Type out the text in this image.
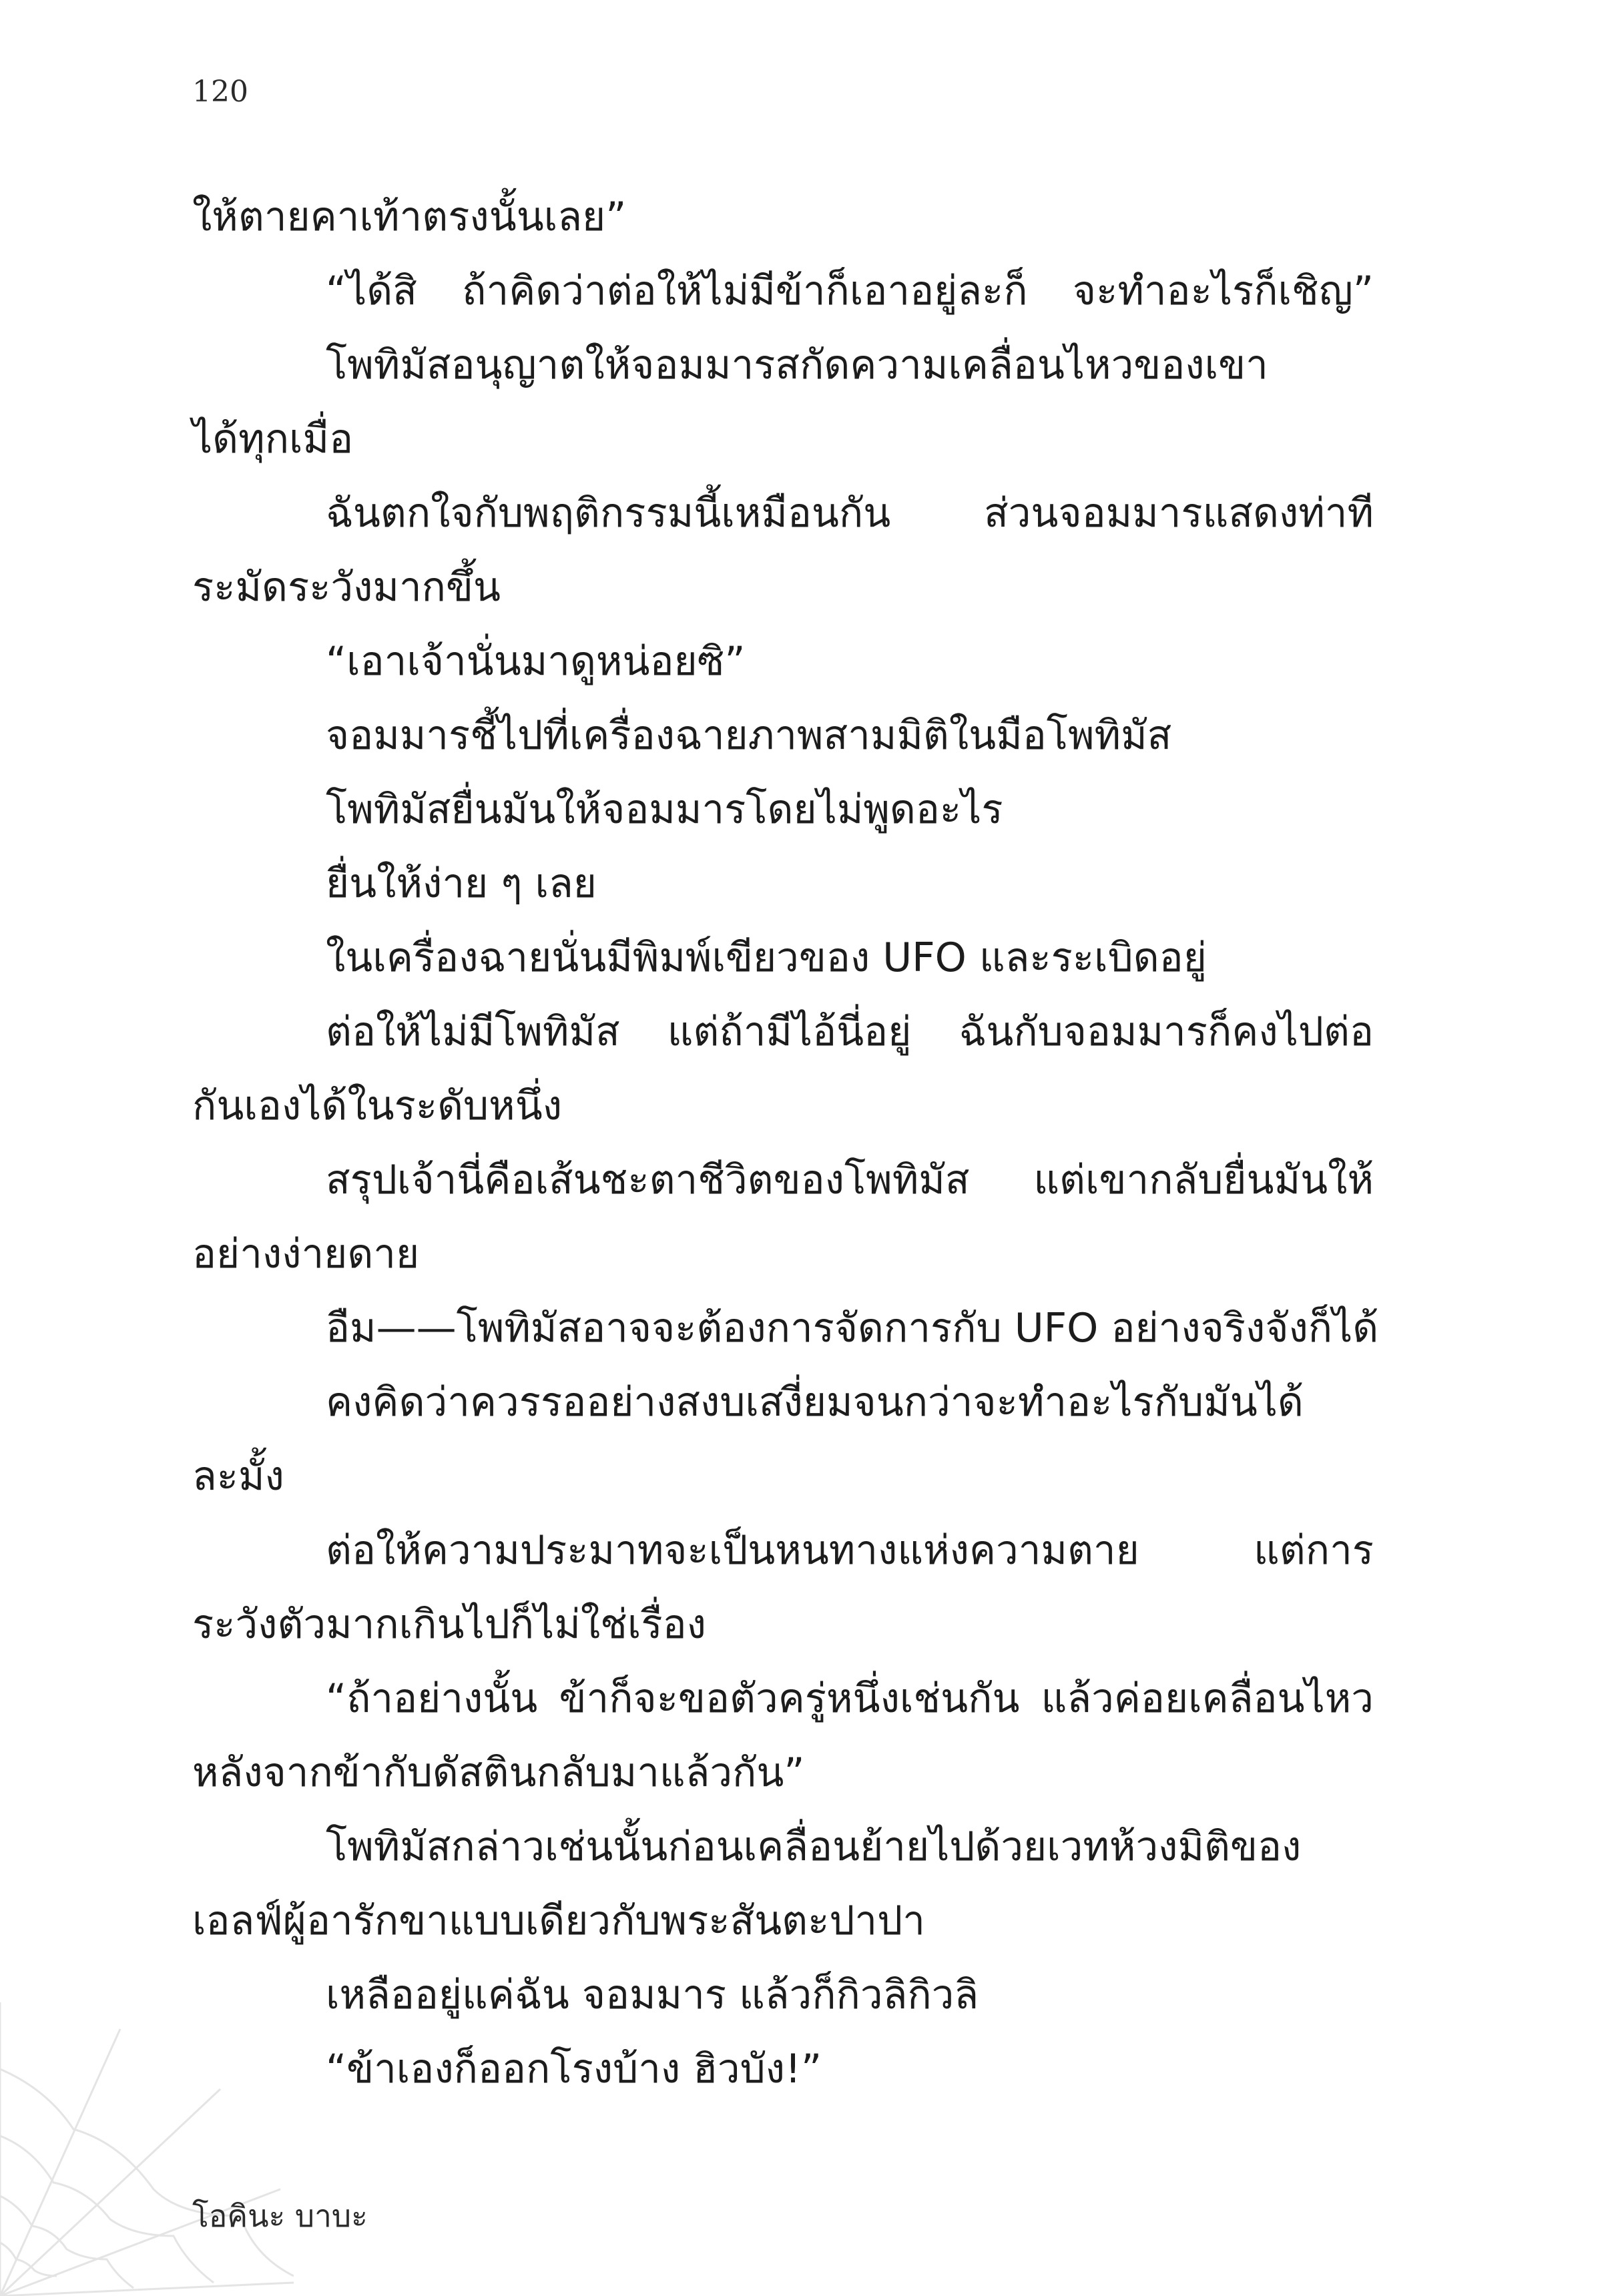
120
ให้ตายคาเท้าตรงนั้นเลย”
“ได้สิ ถ้าคิดว่าต่อให้ไม่มีข้าก็เอาอยู่ละก็ จะทำอะไรก็เชิญ”
โพทิมัสอนุญาตให้จอมมารสกัดความเคลื่อนไหวของเขา
ได้ทุกเมื่อ
ฉันตกใจกับพฤติกรรมนี้เหมือนกัน ส่วนจอมมารแสดงท่าที
ระมัดระวังมากขึ้น
“เอาเจ้านั่นมาดูหน่อยซิ”
จอมมารชี้ไปที่เครื่องฉายภาพสามมิติในมือโพทิมัส
โพทิมัสยื่นมันให้จอมมารโดยไม่พูดอะไร
ยื่นให้ง่าย ๆ เลย
ในเครื่องฉายนั่นมีพิมพ์เขียวของ UFO และระเบิดอยู่
ต่อให้ไม่มีโพทิมัส แต่ถ้ามีไอ้นี่อยู่ ฉันกับจอมมารก็คงไปต่อ
กันเองได้ในระดับหนึ่ง
สรุปเจ้านี่คือเส้นชะตาชีวิตของโพทิมัส แต่เขากลับยื่นมันให้
อย่างง่ายดาย
อืม——โพทิมัสอาจจะต้องการจัดการกับ UFO อย่างจริงจังก็ได้
คงคิดว่าควรรออย่างสงบเสงี่ยมจนกว่าจะทำอะไรกับมันได้
ละมั้ง
ต่อให้ความประมาทจะเป็นหนทางแห่งความตาย แต่การ
ระวังตัวมากเกินไปก็ไม่ใช่เรื่อง
“ถ้าอย่างนั้น ข้าก็จะขอตัวครู่หนึ่งเช่นกัน แล้วค่อยเคลื่อนไหว
หลังจากข้ากับดัสตินกลับมาแล้วกัน”
โพทิมัสกล่าวเช่นนั้นก่อนเคลื่อนย้ายไปด้วยเวทห้วงมิติของ
เอลฟ์ผู้อารักขาแบบเดียวกับพระสันตะปาปา
เหลืออยู่แค่ฉัน จอมมาร แล้วก็กิวลิกิวลิ
“ข้าเองก็ออกโรงบ้าง ฮิวบัง!”
โอคินะ บาบะ
